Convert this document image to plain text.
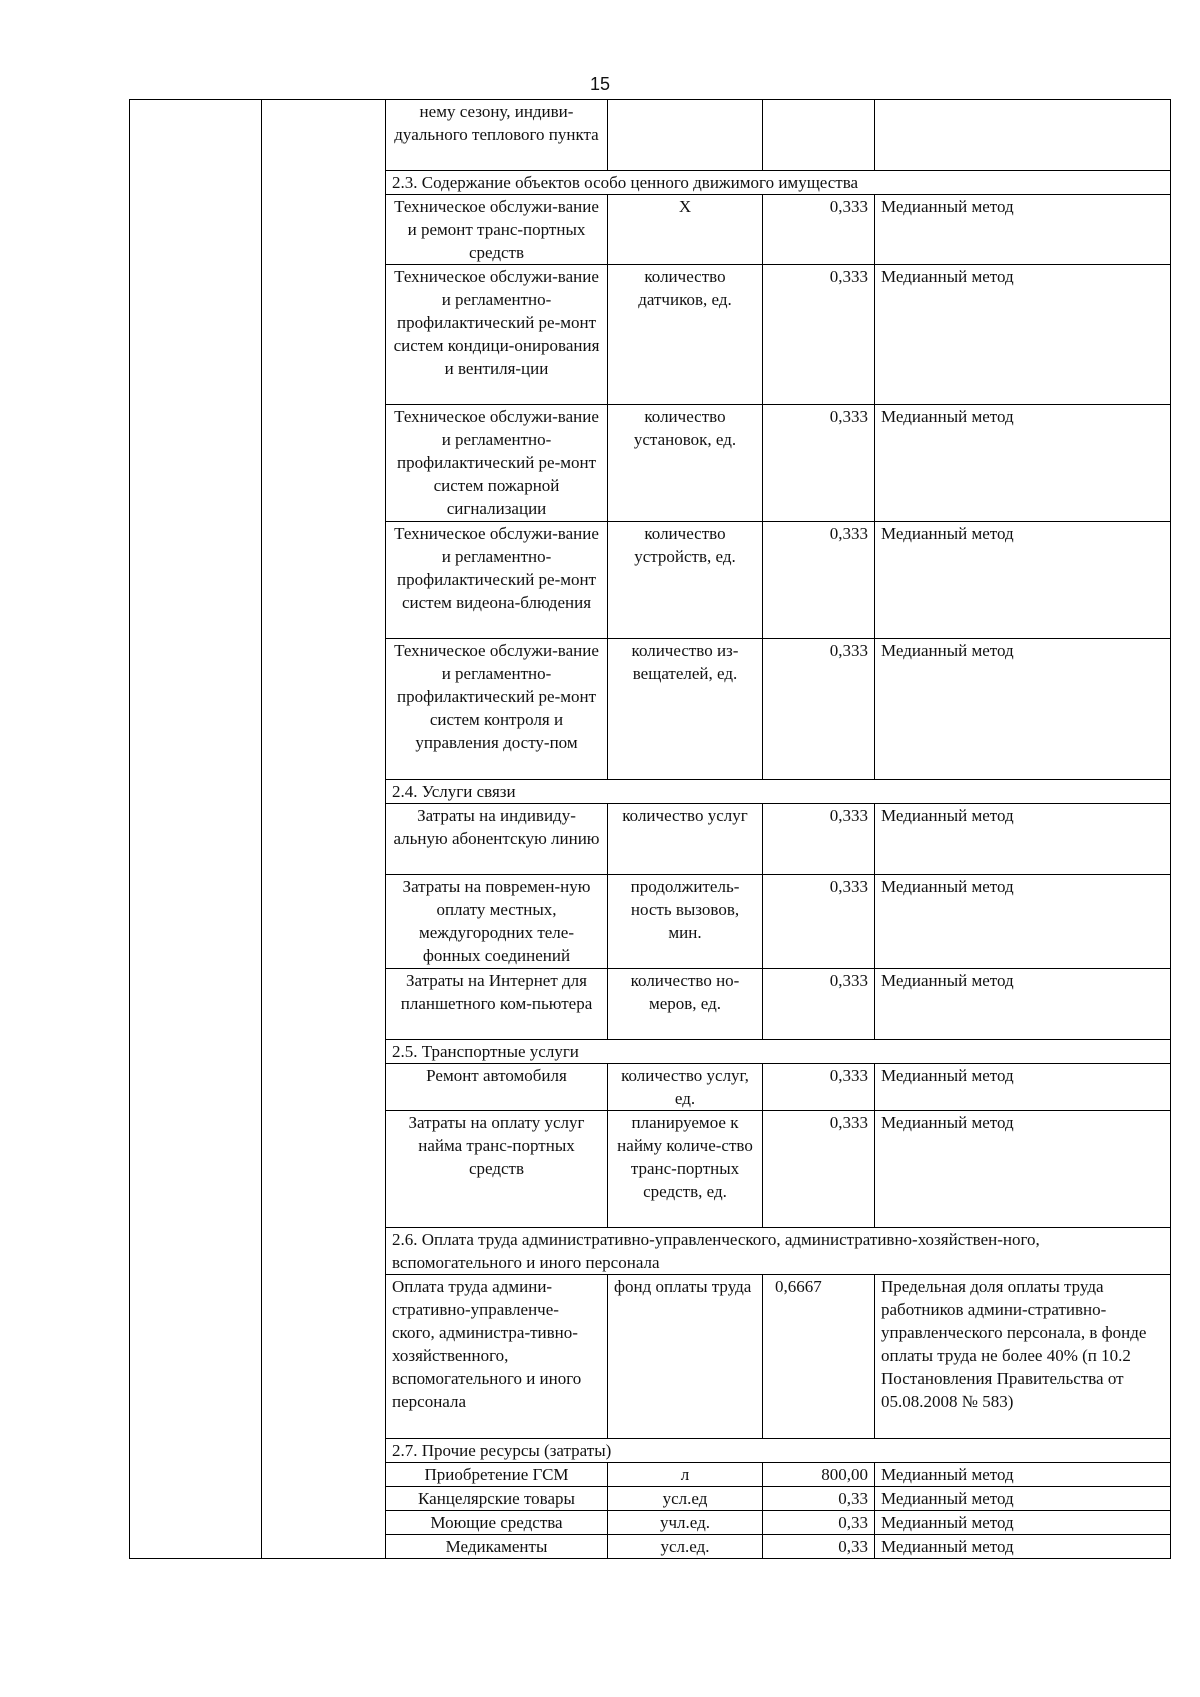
15
		нему сезону, индиви-дуального теплового пункта			
		2.3. Содержание объектов особо ценного движимого имущества			
		Техническое обслужи-вание и ремонт транс-портных средств	Х	0,333	Медианный метод
		Техническое обслужи-вание и регламентно-профилактический ре-монт систем кондици-онирования и вентиля-ции	количество датчиков, ед.	0,333	Медианный метод
		Техническое обслужи-вание и регламентно-профилактический ре-монт систем пожарной сигнализации	количество установок, ед.	0,333	Медианный метод
		Техническое обслужи-вание и регламентно-профилактический ре-монт систем видеона-блюдения	количество устройств, ед.	0,333	Медианный метод
		Техническое обслужи-вание и регламентно-профилактический ре-монт систем контроля и управления досту-пом	количество из-вещателей, ед.	0,333	Медианный метод
		2.4. Услуги связи			
		Затраты на индивиду-альную абонентскую линию	количество услуг	0,333	Медианный метод
		Затраты на повремен-ную оплату местных, междугородних теле-фонных соединений	продолжитель-ность вызовов, мин.	0,333	Медианный метод
		Затраты на Интернет для планшетного ком-пьютера	количество но-меров, ед.	0,333	Медианный метод
		2.5. Транспортные услуги			
		Ремонт автомобиля	количество услуг, ед.	0,333	Медианный метод
		Затраты на оплату услуг найма транс-портных средств	планируемое к найму количе-ство транс-портных средств, ед.	0,333	Медианный метод
		2.6. Оплата труда административно-управленческого, административно-хозяйствен-ного, вспомогательного и иного персонала			
		Оплата труда админи-стративно-управленче-ского, администра-тивно-хозяйственного, вспомогательного и иного персонала	фонд оплаты труда	0,6667	Предельная доля оплаты труда работников админи-стративно-управленческого персонала, в фонде оплаты труда не более 40% (п 10.2 Постановления Правительства от 05.08.2008 № 583)
		2.7. Прочие ресурсы (затраты)			
		Приобретение ГСМ	л	800,00	Медианный метод
		Канцелярские товары	усл.ед	0,33	Медианный метод
		Моющие средства	учл.ед.	0,33	Медианный метод
		Медикаменты	усл.ед.	0,33	Медианный метод
